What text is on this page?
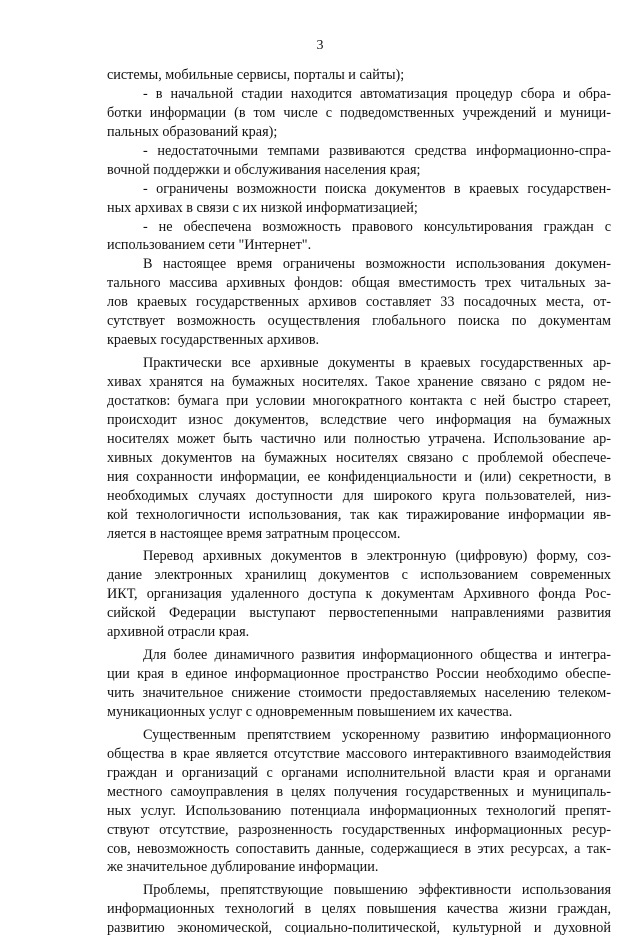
3
системы, мобильные сервисы, порталы и сайты);
- в начальной стадии находится автоматизация процедур сбора и обра-
ботки информации (в том числе с подведомственных учреждений и муници-
пальных образований края);
- недостаточными темпами развиваются средства информационно-спра-
вочной поддержки и обслуживания населения края;
- ограничены возможности поиска документов в краевых государствен-
ных архивах в связи с их низкой информатизацией;
- не обеспечена возможность правового консультирования граждан с
использованием сети "Интернет".
В настоящее время ограничены возможности использования докумен-
тального массива архивных фондов: общая вместимость трех читальных за-
лов краевых государственных архивов составляет 33 посадочных места, от-
сутствует возможность осуществления глобального поиска по документам
краевых государственных архивов.
Практически все архивные документы в краевых государственных ар-
хивах хранятся на бумажных носителях. Такое хранение связано с рядом не-
достатков: бумага при условии многократного контакта с ней быстро стареет,
происходит износ документов, вследствие чего информация на бумажных
носителях может быть частично или полностью утрачена. Использование ар-
хивных документов на бумажных носителях связано с проблемой обеспече-
ния сохранности информации, ее конфиденциальности и (или) секретности, в
необходимых случаях доступности для широкого круга пользователей, низ-
кой технологичности использования, так как тиражирование информации яв-
ляется в настоящее время затратным процессом.
Перевод архивных документов в электронную (цифровую) форму, соз-
дание электронных хранилищ документов с использованием современных
ИКТ, организация удаленного доступа к документам Архивного фонда Рос-
сийской Федерации выступают первостепенными направлениями развития
архивной отрасли края.
Для более динамичного развития информационного общества и интегра-
ции края в единое информационное пространство России необходимо обеспе-
чить значительное снижение стоимости предоставляемых населению телеком-
муникационных услуг с одновременным повышением их качества.
Существенным препятствием ускоренному развитию информационного
общества в крае является отсутствие массового интерактивного взаимодействия
граждан и организаций с органами исполнительной власти края и органами
местного самоуправления в целях получения государственных и муниципаль-
ных услуг. Использованию потенциала информационных технологий препят-
ствуют отсутствие, разрозненность государственных информационных ресур-
сов, невозможность сопоставить данные, содержащиеся в этих ресурсах, а так-
же значительное дублирование информации.
Проблемы, препятствующие повышению эффективности использования
информационных технологий в целях повышения качества жизни граждан,
развитию экономической, социально-политической, культурной и духовной
